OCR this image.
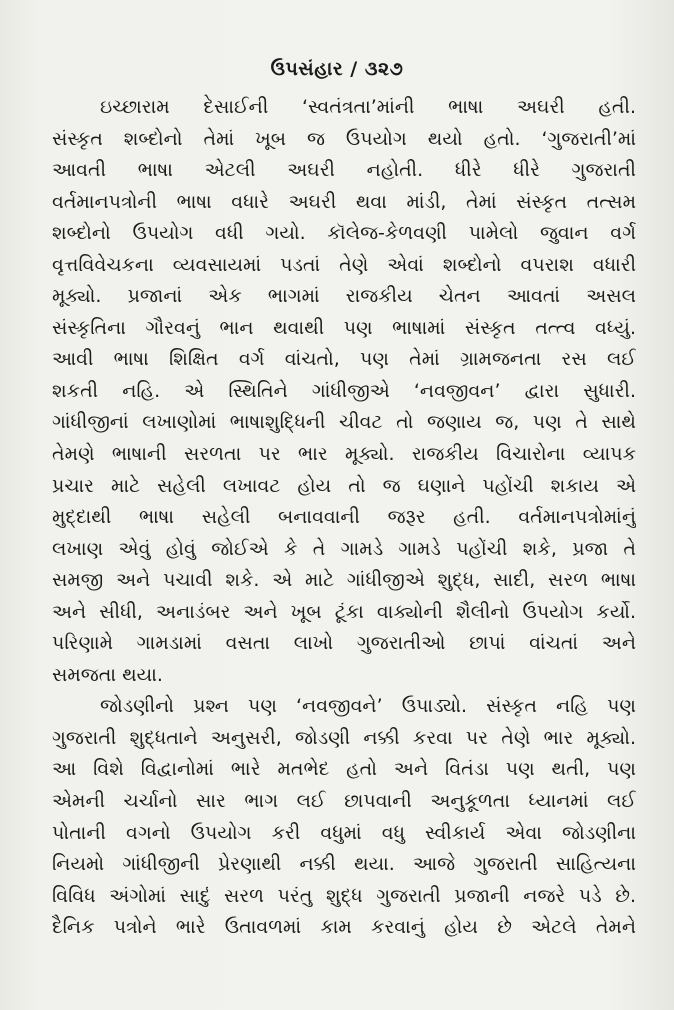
ઉપસંહાર / ૩૨૭
ઇચ્છારામ દેસાઈની ‘સ્વતંત્રતા’માંની ભાષા અઘરી હતી.
સંસ્કૃત શબ્દોનો તેમાં ખૂબ જ ઉપયોગ થયો હતો. ‘ગુજરાતી’માં
આવતી ભાષા એટલી અઘરી નહોતી. ધીરે ધીરે ગુજરાતી
વર્તમાનપત્રોની ભાષા વધારે અઘરી થવા માંડી, તેમાં સંસ્કૃત તત્સમ
શબ્દોનો ઉપયોગ વધી ગયો. કૉલેજ-કેળવણી પામેલો જુવાન વર્ગ
વૃત્તવિવેચકના વ્યવસાયમાં પડતાં તેણે એવાં શબ્દોનો વપરાશ વધારી
મૂક્યો. પ્રજાનાં એક ભાગમાં રાજકીય ચેતન આવતાં અસલ
સંસ્કૃતિના ગૌરવનું ભાન થવાથી પણ ભાષામાં સંસ્કૃત તત્ત્વ વધ્યું.
આવી ભાષા શિક્ષિત વર્ગ વાંચતો, પણ તેમાં ગ્રામજનતા રસ લઈ
શકતી નહિ. એ સ્થિતિને ગાંધીજીએ ‘નવજીવન’ દ્વારા સુધારી.
ગાંધીજીનાં લખાણોમાં ભાષાશુદ્ધિની ચીવટ તો જણાય જ, પણ તે સાથે
તેમણે ભાષાની સરળતા પર ભાર મૂક્યો. રાજકીય વિચારોના વ્યાપક
પ્રચાર માટે સહેલી લખાવટ હોય તો જ ઘણાને પહોંચી શકાય એ
મુદ્દાથી ભાષા સહેલી બનાવવાની જરૂર હતી. વર્તમાનપત્રોમાંનું
લખાણ એવું હોવું જોઈએ કે તે ગામડે ગામડે પહોંચી શકે, પ્રજા તે
સમજી અને પચાવી શકે. એ માટે ગાંધીજીએ શુદ્ધ, સાદી, સરળ ભાષા
અને સીધી, અનાડંબર અને ખૂબ ટૂંકા વાક્યોની શૈલીનો ઉપયોગ કર્યો.
પરિણામે ગામડામાં વસતા લાખો ગુજરાતીઓ છાપાં વાંચતાં અને
સમજતા થયા.
જોડણીનો પ્રશ્ન પણ ‘નવજીવને’ ઉપાડ્યો. સંસ્કૃત નહિ પણ
ગુજરાતી શુદ્ધતાને અનુસરી, જોડણી નક્કી કરવા પર તેણે ભાર મૂક્યો.
આ વિશે વિદ્વાનોમાં ભારે મતભેદ હતો અને વિતંડા પણ થતી, પણ
એમની ચર્ચાનો સાર ભાગ લઈ છાપવાની અનુકૂળતા ધ્યાનમાં લઈ
પોતાની વગનો ઉપયોગ કરી વધુમાં વધુ સ્વીકાર્ય એવા જોડણીના
નિયમો ગાંધીજીની પ્રેરણાથી નક્કી થયા. આજે ગુજરાતી સાહિત્યના
વિવિધ અંગોમાં સાદું સરળ પરંતુ શુદ્ધ ગુજરાતી પ્રજાની નજરે પડે છે.
દૈનિક પત્રોને ભારે ઉતાવળમાં કામ કરવાનું હોય છે એટલે તેમને
